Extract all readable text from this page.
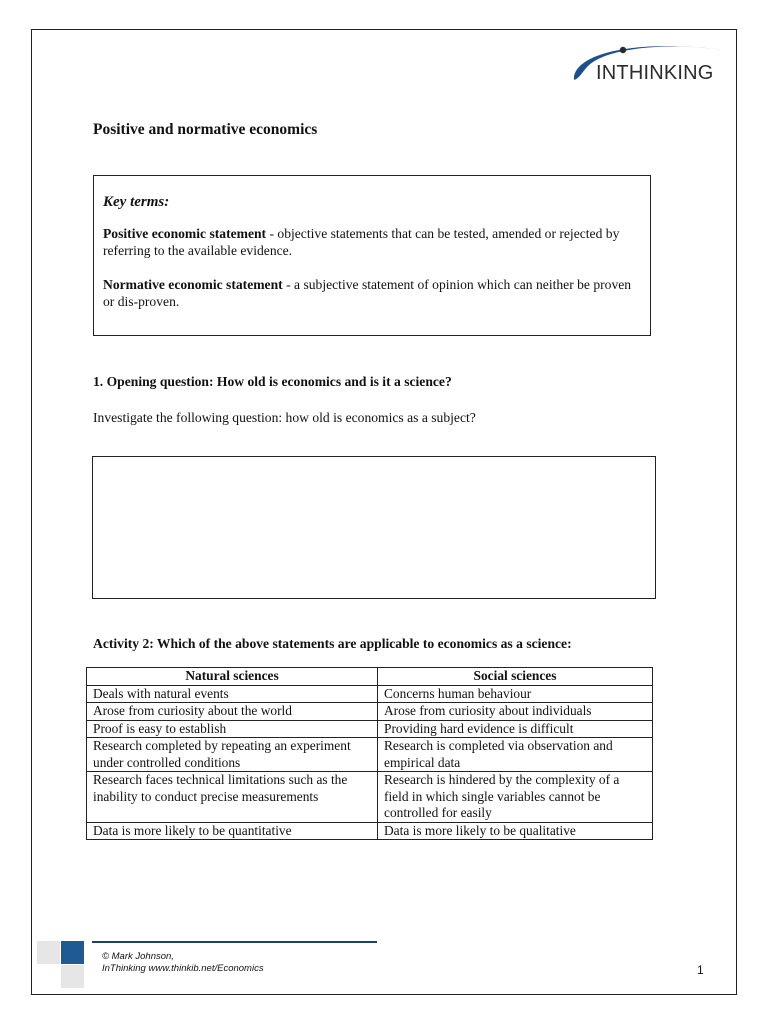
INTHINKING
Positive and normative economics
Key terms:

Positive economic statement - objective statements that can be tested, amended or rejected by referring to the available evidence.

Normative economic statement - a subjective statement of opinion which can neither be proven or dis-proven.

1. Opening question: How old is economics and is it a science?
Investigate the following question: how old is economics as a subject?
Activity 2: Which of the above statements are applicable to economics as a science:
Natural sciences	Social sciences
Deals with natural events	Concerns human behaviour
Arose from curiosity about the world	Arose from curiosity about individuals
Proof is easy to establish	Providing hard evidence is difficult
Research completed by repeating an experiment under controlled conditions	Research is completed via observation and empirical data
Research faces technical limitations such as the inability to conduct precise measurements	Research is hindered by the complexity of a field in which single variables cannot be controlled for easily
Data is more likely to be quantitative	Data is more likely to be qualitative
© Mark Johnson,
InThinking www.thinkib.net/Economics	1
